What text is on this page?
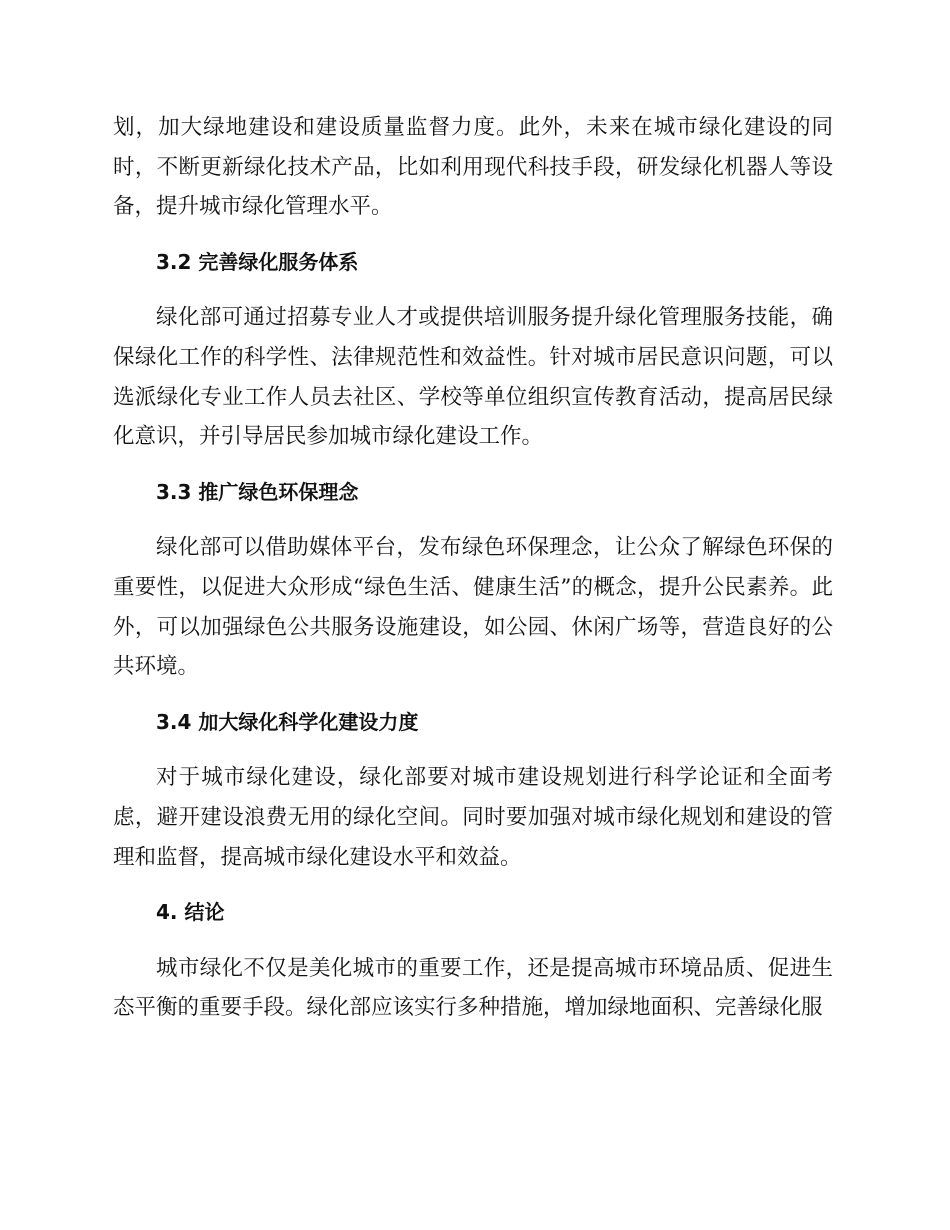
划，加大绿地建设和建设质量监督力度。此外，未来在城市绿化建设的同时，不断更新绿化技术产品，比如利用现代科技手段，研发绿化机器人等设备，提升城市绿化管理水平。

3.2 完善绿化服务体系

绿化部可通过招募专业人才或提供培训服务提升绿化管理服务技能，确保绿化工作的科学性、法律规范性和效益性。针对城市居民意识问题，可以选派绿化专业工作人员去社区、学校等单位组织宣传教育活动，提高居民绿化意识，并引导居民参加城市绿化建设工作。

3.3 推广绿色环保理念

绿化部可以借助媒体平台，发布绿色环保理念，让公众了解绿色环保的重要性，以促进大众形成“绿色生活、健康生活”的概念，提升公民素养。此外，可以加强绿色公共服务设施建设，如公园、休闲广场等，营造良好的公共环境。

3.4 加大绿化科学化建设力度

对于城市绿化建设，绿化部要对城市建设规划进行科学论证和全面考虑，避开建设浪费无用的绿化空间。同时要加强对城市绿化规划和建设的管理和监督，提高城市绿化建设水平和效益。

4. 结论

城市绿化不仅是美化城市的重要工作，还是提高城市环境品质、促进生态平衡的重要手段。绿化部应该实行多种措施，增加绿地面积、完善绿化服
